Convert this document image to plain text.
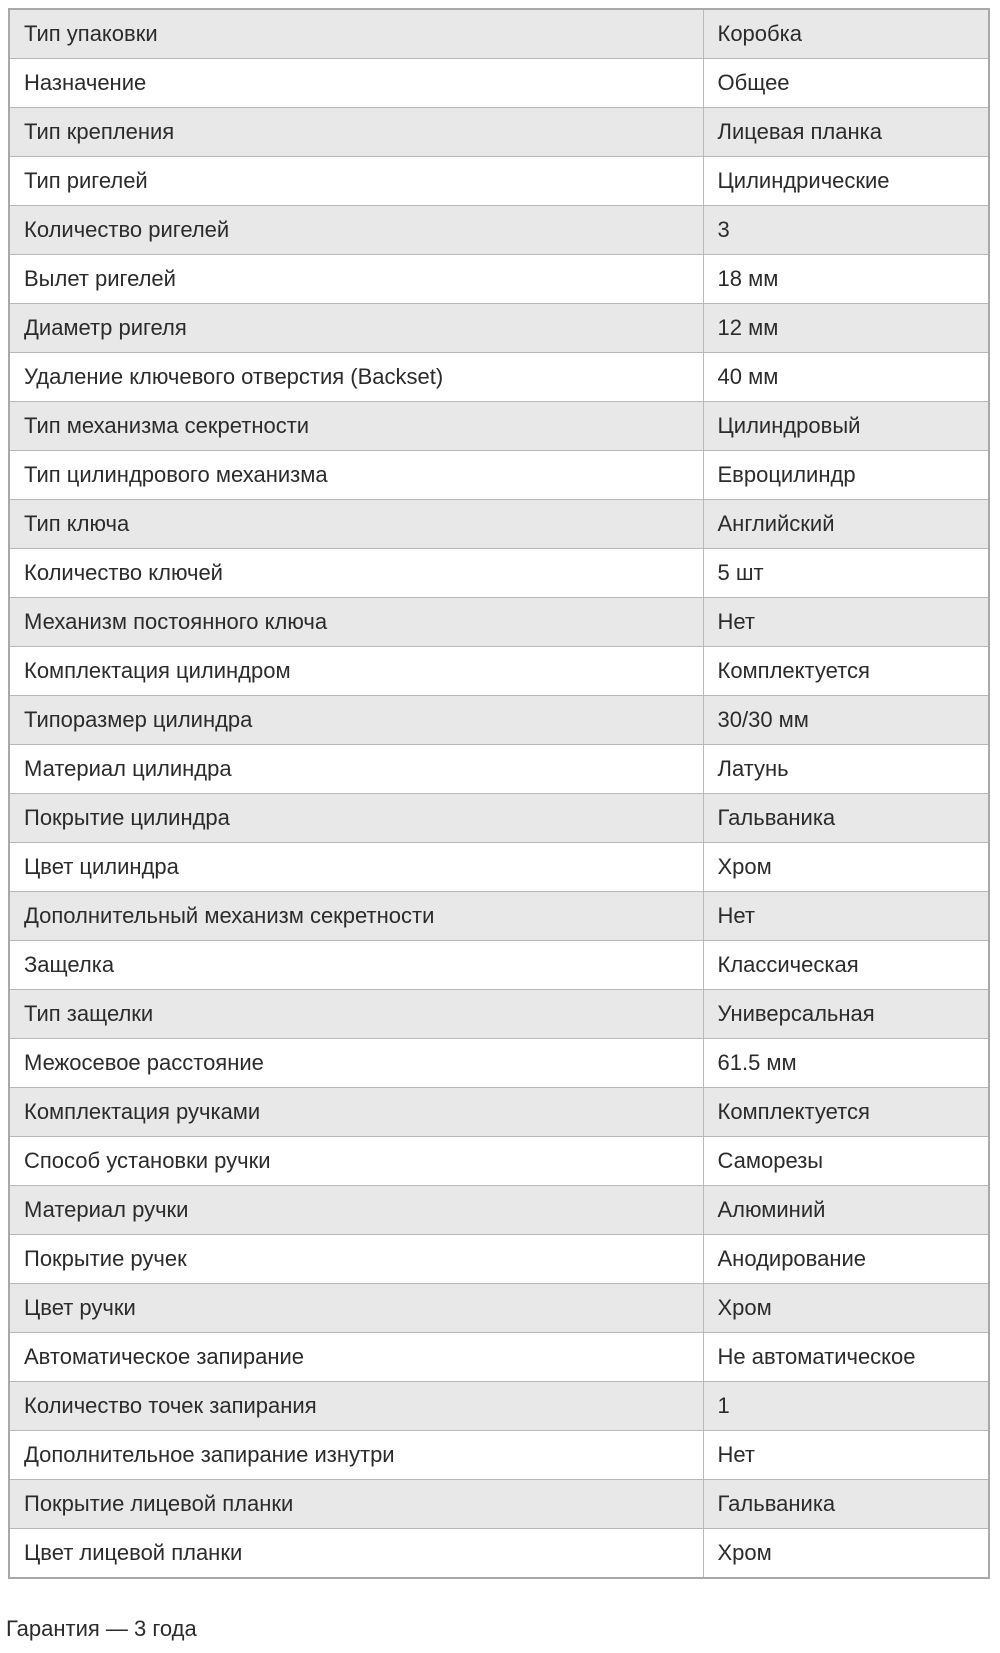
Тип упаковки	Коробка
Назначение	Общее
Тип крепления	Лицевая планка
Тип ригелей	Цилиндрические
Количество ригелей	3
Вылет ригелей	18 мм
Диаметр ригеля	12 мм
Удаление ключевого отверстия (Backset)	40 мм
Тип механизма секретности	Цилиндровый
Тип цилиндрового механизма	Евроцилиндр
Тип ключа	Английский
Количество ключей	5 шт
Механизм постоянного ключа	Нет
Комплектация цилиндром	Комплектуется
Типоразмер цилиндра	30/30 мм
Материал цилиндра	Латунь
Покрытие цилиндра	Гальваника
Цвет цилиндра	Хром
Дополнительный механизм секретности	Нет
Защелка	Классическая
Тип защелки	Универсальная
Межосевое расстояние	61.5 мм
Комплектация ручками	Комплектуется
Способ установки ручки	Саморезы
Материал ручки	Алюминий
Покрытие ручек	Анодирование
Цвет ручки	Хром
Автоматическое запирание	Не автоматическое
Количество точек запирания	1
Дополнительное запирание изнутри	Нет
Покрытие лицевой планки	Гальваника
Цвет лицевой планки	Хром
Гарантия — 3 года
